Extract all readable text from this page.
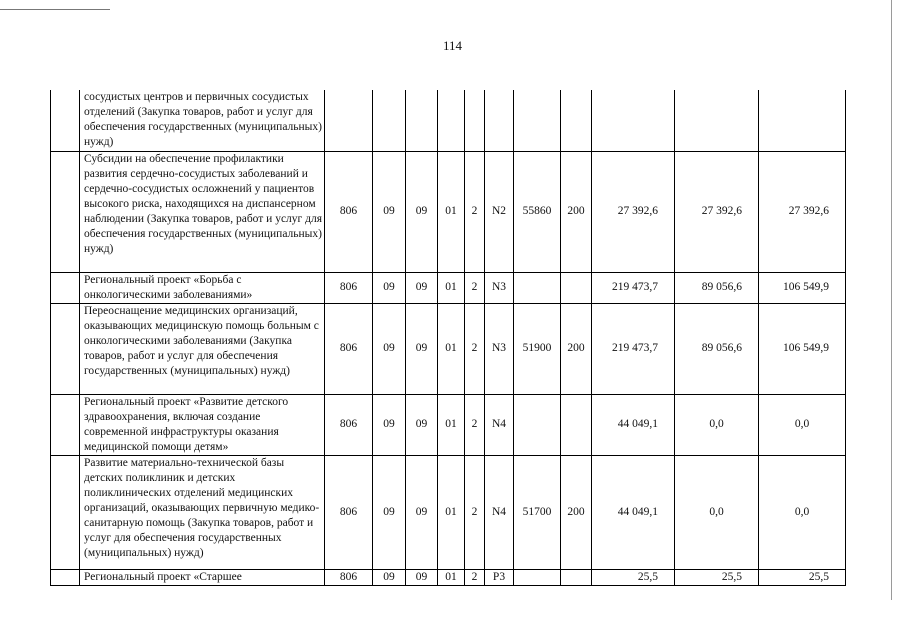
114
	сосудистых центров и первичных сосудистых отделений (Закупка товаров, работ и услуг для обеспечения государственных (муниципальных) нужд)											
	Субсидии на обеспечение профилактики развития сердечно-сосудистых заболеваний и сердечно-сосудистых осложнений у пациентов высокого риска, находящихся на диспансерном наблюдении (Закупка товаров, работ и услуг для обеспечения государственных (муниципальных) нужд)	806	09	09	01	2	N2	55860	200	27 392,6	27 392,6	27 392,6
	Региональный проект «Борьба с онкологическими заболеваниями»	806	09	09	01	2	N3			219 473,7	89 056,6	106 549,9
	Переоснащение медицинских организаций, оказывающих медицинскую помощь больным с онкологическими заболеваниями (Закупка товаров, работ и услуг для обеспечения государственных (муниципальных) нужд)	806	09	09	01	2	N3	51900	200	219 473,7	89 056,6	106 549,9
	Региональный проект «Развитие детского здравоохранения, включая создание современной инфраструктуры оказания медицинской помощи детям»	806	09	09	01	2	N4			44 049,1	0,0	0,0
	Развитие материально-технической базы детских поликлиник и детских поликлинических отделений медицинских организаций, оказывающих первичную медико-санитарную помощь (Закупка товаров, работ и услуг для обеспечения государственных (муниципальных) нужд)	806	09	09	01	2	N4	51700	200	44 049,1	0,0	0,0
	Региональный проект «Старшее	806	09	09	01	2	P3			25,5	25,5	25,5
